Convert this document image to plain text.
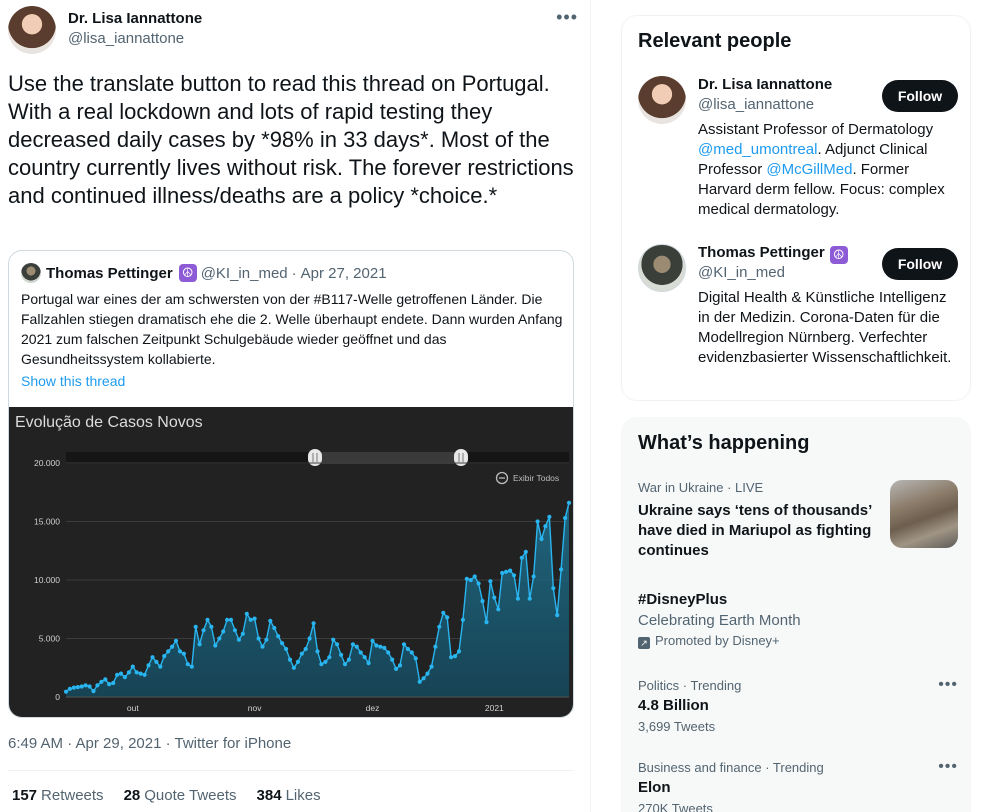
Dr. Lisa Iannattone
@lisa_iannattone
•••
Use the translate button to read this thread on Portugal. With a real lockdown and lots of rapid testing they decreased daily cases by *98% in 33 days*. Most of the country currently lives without risk. The forever restrictions and continued illness/deaths are a policy *choice.*
Thomas Pettinger ☮ @KI_in_med · Apr 27, 2021
Portugal war eines der am schwersten von der #B117-Welle getroffenen Länder. Die Fallzahlen stiegen dramatisch ehe die 2. Welle überhaupt endete. Dann wurden Anfang 2021 zum falschen Zeitpunkt Schulgebäude wieder geöffnet und das Gesundheitssystem kollabierte.
Show this thread
Evolução de Casos Novos
Exibir Todos
0
5.000
10.000
15.000
20.000
out	nov	dez	2021
6:49 AM · Apr 29, 2021 · Twitter for iPhone
157 Retweets 28 Quote Tweets 384 Likes
Relevant people
Dr. Lisa Iannattone
@lisa_iannattone	Follow
Assistant Professor of Dermatology @med_umontreal. Adjunct Clinical Professor @McGillMed. Former Harvard derm fellow. Focus: complex medical dermatology.
Thomas Pettinger ☮
@KI_in_med	Follow
Digital Health & Künstliche Intelligenz in der Medizin. Corona-Daten für die Modellregion Nürnberg. Verfechter evidenzbasierter Wissenschaftlichkeit.
What’s happening
War in Ukraine · LIVE
Ukraine says ‘tens of thousands’ have died in Mariupol as fighting continues
#DisneyPlus
Celebrating Earth Month
↗ Promoted by Disney+
Politics · Trending
4.8 Billion
3,699 Tweets
•••
Business and finance · Trending
Elon
270K Tweets
•••
